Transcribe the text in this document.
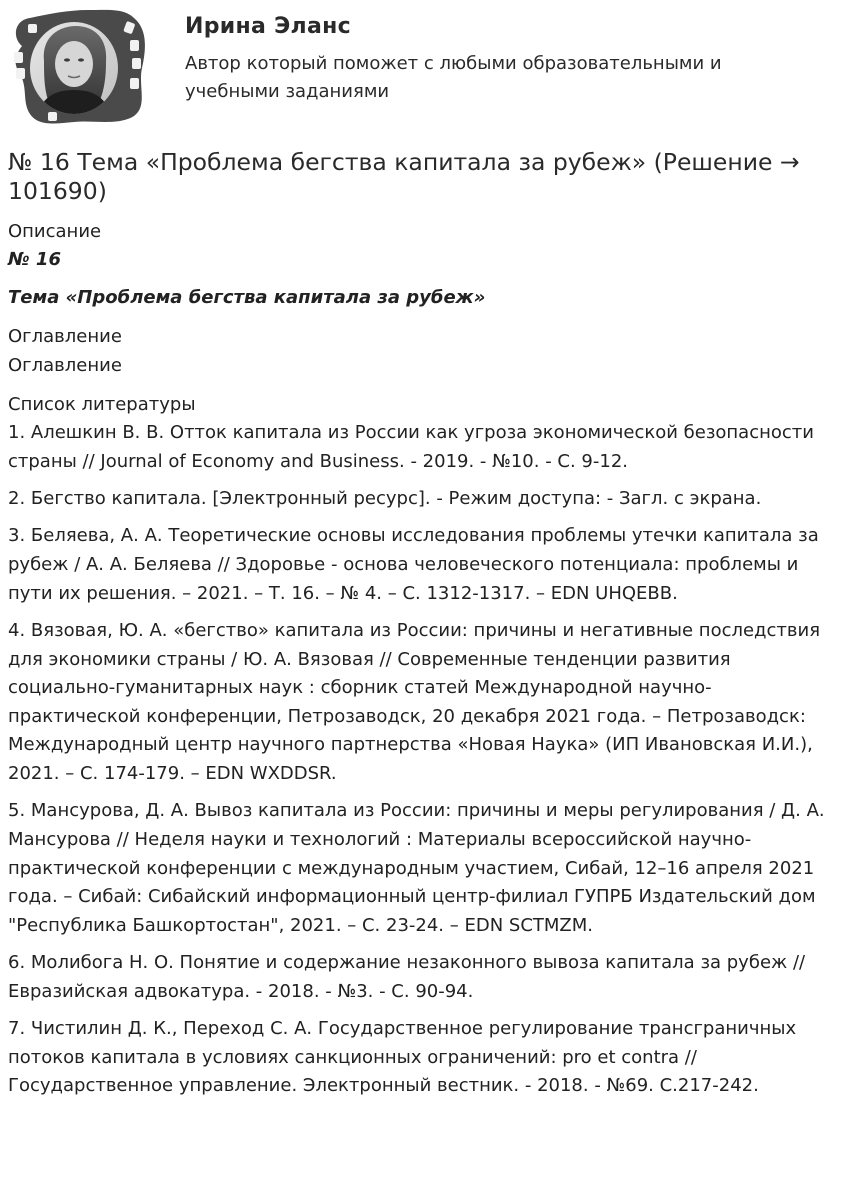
Ирина Эланс

Автор который поможет с любыми образовательными и учебными заданиями

№ 16 Тема «Проблема бегства капитала за рубеж» (Решение → 101690)

Описание

№ 16

Тема «Проблема бегства капитала за рубеж»

Оглавление
Оглавление

Список литературы

1. Алешкин В. В. Отток капитала из России как угроза экономической безопасности страны // Journal of Economy and Business. - 2019. - №10. - С. 9-12.
2. Бегство капитала. [Электронный ресурс]. - Режим доступа: - Загл. с экрана.
3. Беляева, А. А. Теоретические основы исследования проблемы утечки капитала за рубеж / А. А. Беляева // Здоровье - основа человеческого потенциала: проблемы и пути их решения. – 2021. – Т. 16. – № 4. – С. 1312-1317. – EDN UHQEBB.
4. Вязовая, Ю. А. «бегство» капитала из России: причины и негативные последствия для экономики страны / Ю. А. Вязовая // Современные тенденции развития социально-гуманитарных наук : сборник статей Международной научно-практической конференции, Петрозаводск, 20 декабря 2021 года. – Петрозаводск: Международный центр научного партнерства «Новая Наука» (ИП Ивановская И.И.), 2021. – С. 174-179. – EDN WXDDSR.
5. Мансурова, Д. А. Вывоз капитала из России: причины и меры регулирования / Д. А. Мансурова // Неделя науки и технологий : Материалы всероссийской научно-практической конференции с международным участием, Сибай, 12–16 апреля 2021 года. – Сибай: Сибайский информационный центр-филиал ГУПРБ Издательский дом "Республика Башкортостан", 2021. – С. 23-24. – EDN SCTMZM.
6. Молибога Н. О. Понятие и содержание незаконного вывоза капитала за рубеж // Евразийская адвокатура. - 2018. - №3. - С. 90-94.
7. Чистилин Д. К., Переход С. А. Государственное регулирование трансграничных потоков капитала в условиях санкционных ограничений: pro et contra // Государственное управление. Электронный вестник. - 2018. - №69. С.217-242.
